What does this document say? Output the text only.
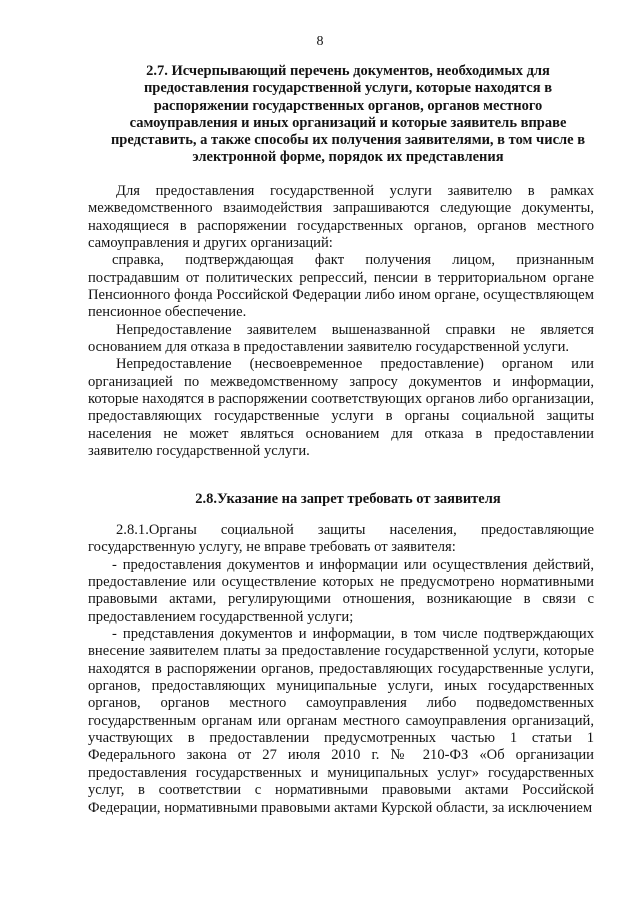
8
2.7. Исчерпывающий перечень документов, необходимых для предоставления государственной услуги, которые находятся в распоряжении государственных органов, органов местного самоуправления и иных организаций и которые заявитель вправе представить, а также способы их получения заявителями, в том числе в электронной форме, порядок их представления

Для предоставления государственной услуги заявителю в рамках межведомственного взаимодействия запрашиваются следующие документы, находящиеся в распоряжении государственных органов, органов местного самоуправления и других организаций:

справка, подтверждающая факт получения лицом, признанным пострадавшим от политических репрессий, пенсии в территориальном органе Пенсионного фонда Российской Федерации либо ином органе, осуществляющем пенсионное обеспечение.

Непредоставление заявителем вышеназванной справки не является основанием для отказа в предоставлении заявителю государственной услуги.

Непредоставление (несвоевременное предоставление) органом или организацией по межведомственному запросу документов и информации, которые находятся в распоряжении соответствующих органов либо организации, предоставляющих государственные услуги в органы социальной защиты населения не может являться основанием для отказа в предоставлении заявителю государственной услуги.

2.8.Указание на запрет требовать от заявителя

2.8.1.Органы социальной защиты населения, предоставляющие государственную услугу, не вправе требовать от заявителя:

- предоставления документов и информации или осуществления действий, предоставление или осуществление которых не предусмотрено нормативными правовыми актами, регулирующими отношения, возникающие в связи с предоставлением государственной услуги;

- представления документов и информации, в том числе подтверждающих внесение заявителем платы за предоставление государственной услуги, которые находятся в распоряжении органов, предоставляющих государственные услуги, органов, предоставляющих муниципальные услуги, иных государственных органов, органов местного самоуправления либо подведомственных государственным органам или органам местного самоуправления организаций, участвующих в предоставлении предусмотренных частью 1 статьи 1 Федерального закона от 27 июля 2010 г. № 210-ФЗ «Об организации предоставления государственных и муниципальных услуг» государственных услуг, в соответствии с нормативными правовыми актами Российской Федерации, нормативными правовыми актами Курской области, за исключением
